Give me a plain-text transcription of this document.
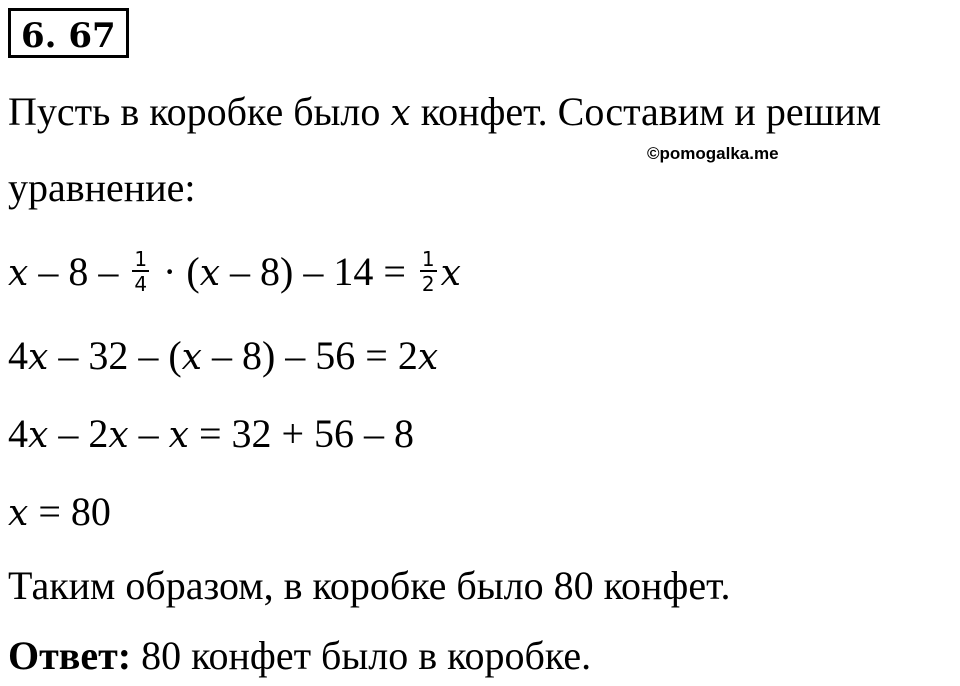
6. 67
Пусть в коробке было x конфет. Составим и решим
©pomogalka.me
уравнение:
$x - 8 - \frac{1}{4} \cdot (x - 8) - 14 = \frac{1}{2}$ x
4x – 32 – (x – 8) – 56 = 2x
4x – 2x – x = 32 + 56 – 8
x = 80
Таким образом, в коробке было 80 конфет.
Ответ: 80 конфет было в коробке.
